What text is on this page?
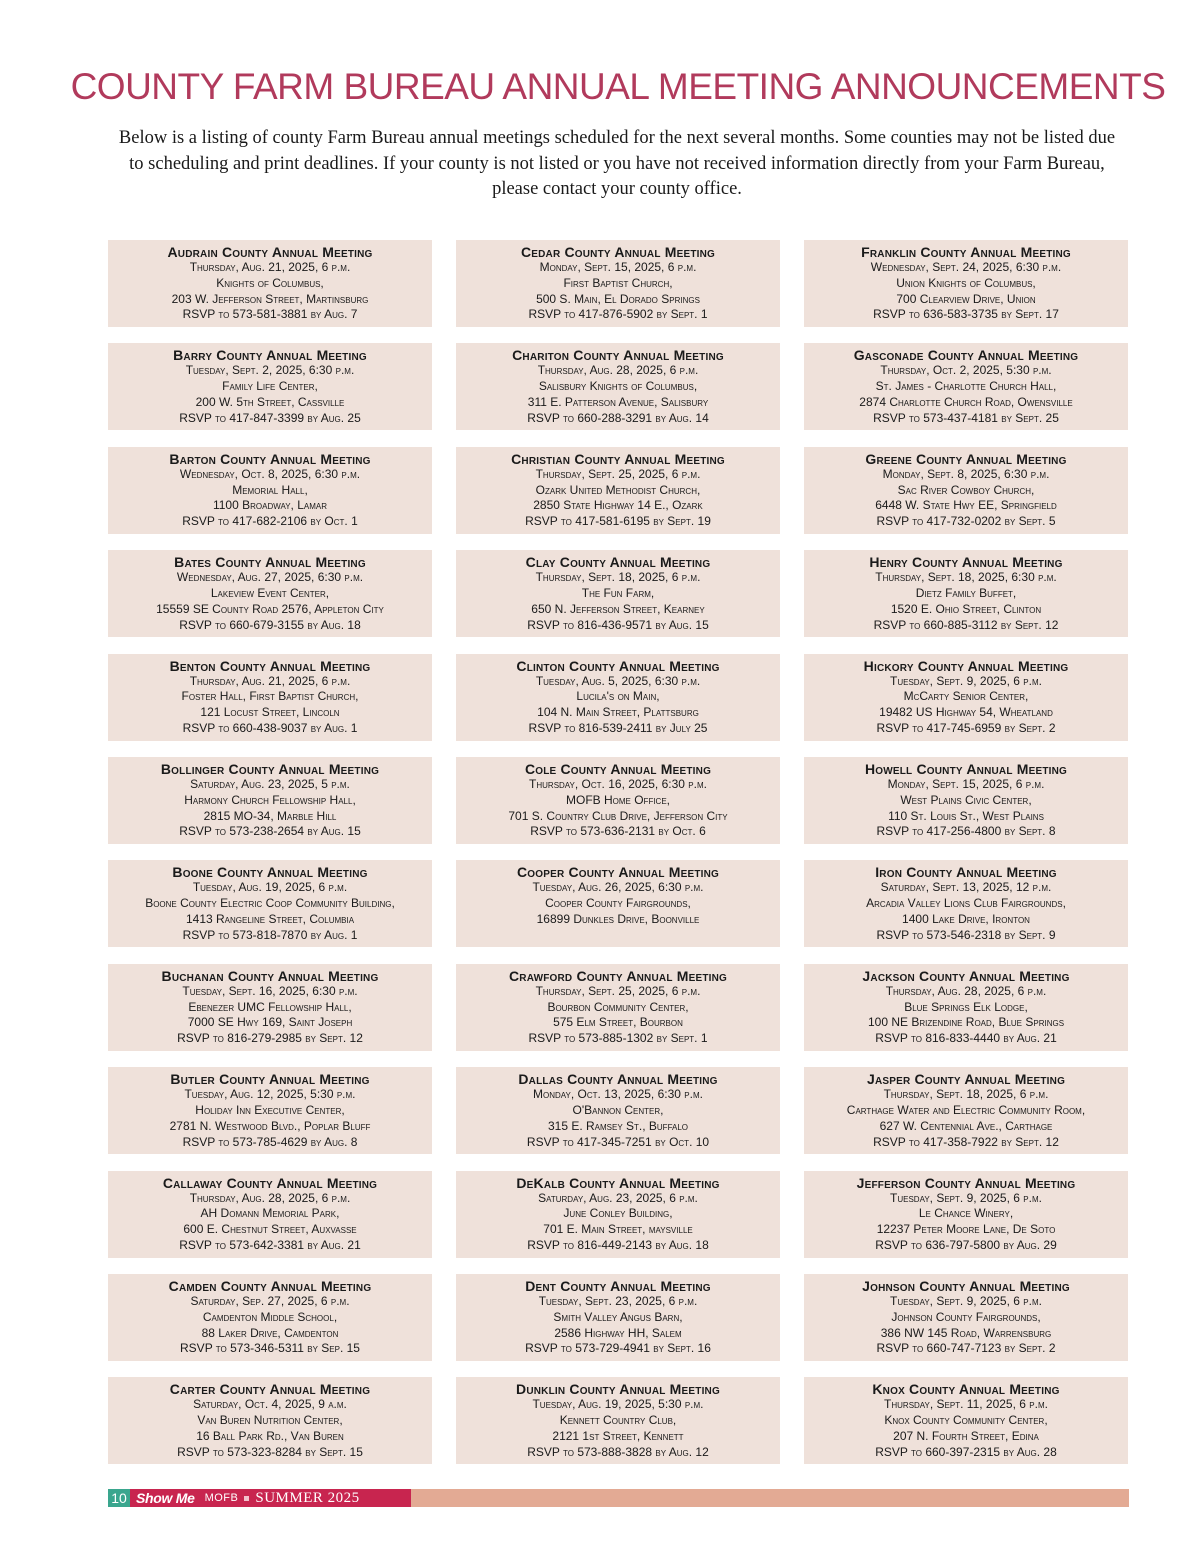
COUNTY FARM BUREAU ANNUAL MEETING ANNOUNCEMENTS

Below is a listing of county Farm Bureau annual meetings scheduled for the next several months. Some counties may not be listed due to scheduling and print deadlines. If your county is not listed or you have not received information directly from your Farm Bureau, please contact your county office.

Audrain County Annual Meeting
Thursday, Aug. 21, 2025, 6 p.m.
Knights of Columbus,
203 W. Jefferson Street, Martinsburg
RSVP to 573-581-3881 by Aug. 7
Cedar County Annual Meeting
Monday, Sept. 15, 2025, 6 p.m.
First Baptist Church,
500 S. Main, El Dorado Springs
RSVP to 417-876-5902 by Sept. 1
Franklin County Annual Meeting
Wednesday, Sept. 24, 2025, 6:30 p.m.
Union Knights of Columbus,
700 Clearview Drive, Union
RSVP to 636-583-3735 by Sept. 17
Barry County Annual Meeting
Tuesday, Sept. 2, 2025, 6:30 p.m.
Family Life Center,
200 W. 5th Street, Cassville
RSVP to 417-847-3399 by Aug. 25
Chariton County Annual Meeting
Thursday, Aug. 28, 2025, 6 p.m.
Salisbury Knights of Columbus,
311 E. Patterson Avenue, Salisbury
RSVP to 660-288-3291 by Aug. 14
Gasconade County Annual Meeting
Thursday, Oct. 2, 2025, 5:30 p.m.
St. James - Charlotte Church Hall,
2874 Charlotte Church Road, Owensville
RSVP to 573-437-4181 by Sept. 25
Barton County Annual Meeting
Wednesday, Oct. 8, 2025, 6:30 p.m.
Memorial Hall,
1100 Broadway, Lamar
RSVP to 417-682-2106 by Oct. 1
Christian County Annual Meeting
Thursday, Sept. 25, 2025, 6 p.m.
Ozark United Methodist Church,
2850 State Highway 14 E., Ozark
RSVP to 417-581-6195 by Sept. 19
Greene County Annual Meeting
Monday, Sept. 8, 2025, 6:30 p.m.
Sac River Cowboy Church,
6448 W. State Hwy EE, Springfield
RSVP to 417-732-0202 by Sept. 5
Bates County Annual Meeting
Wednesday, Aug. 27, 2025, 6:30 p.m.
Lakeview Event Center,
15559 SE County Road 2576, Appleton City
RSVP to 660-679-3155 by Aug. 18
Clay County Annual Meeting
Thursday, Sept. 18, 2025, 6 p.m.
The Fun Farm,
650 N. Jefferson Street, Kearney
RSVP to 816-436-9571 by Aug. 15
Henry County Annual Meeting
Thursday, Sept. 18, 2025, 6:30 p.m.
Dietz Family Buffet,
1520 E. Ohio Street, Clinton
RSVP to 660-885-3112 by Sept. 12
Benton County Annual Meeting
Thursday, Aug. 21, 2025, 6 p.m.
Foster Hall, First Baptist Church,
121 Locust Street, Lincoln
RSVP to 660-438-9037 by Aug. 1
Clinton County Annual Meeting
Tuesday, Aug. 5, 2025, 6:30 p.m.
Lucila's on Main,
104 N. Main Street, Plattsburg
RSVP to 816-539-2411 by July 25
Hickory County Annual Meeting
Tuesday, Sept. 9, 2025, 6 p.m.
McCarty Senior Center,
19482 US Highway 54, Wheatland
RSVP to 417-745-6959 by Sept. 2
Bollinger County Annual Meeting
Saturday, Aug. 23, 2025, 5 p.m.
Harmony Church Fellowship Hall,
2815 MO-34, Marble Hill
RSVP to 573-238-2654 by Aug. 15
Cole County Annual Meeting
Thursday, Oct. 16, 2025, 6:30 p.m.
MOFB Home Office,
701 S. Country Club Drive, Jefferson City
RSVP to 573-636-2131 by Oct. 6
Howell County Annual Meeting
Monday, Sept. 15, 2025, 6 p.m.
West Plains Civic Center,
110 St. Louis St., West Plains
RSVP to 417-256-4800 by Sept. 8
Boone County Annual Meeting
Tuesday, Aug. 19, 2025, 6 p.m.
Boone County Electric Coop Community Building,
1413 Rangeline Street, Columbia
RSVP to 573-818-7870 by Aug. 1
Cooper County Annual Meeting
Tuesday, Aug. 26, 2025, 6:30 p.m.
Cooper County Fairgrounds,
16899 Dunkles Drive, Boonville
Iron County Annual Meeting
Saturday, Sept. 13, 2025, 12 p.m.
Arcadia Valley Lions Club Fairgrounds,
1400 Lake Drive, Ironton
RSVP to 573-546-2318 by Sept. 9
Buchanan County Annual Meeting
Tuesday, Sept. 16, 2025, 6:30 p.m.
Ebenezer UMC Fellowship Hall,
7000 SE Hwy 169, Saint Joseph
RSVP to 816-279-2985 by Sept. 12
Crawford County Annual Meeting
Thursday, Sept. 25, 2025, 6 p.m.
Bourbon Community Center,
575 Elm Street, Bourbon
RSVP to 573-885-1302 by Sept. 1
Jackson County Annual Meeting
Thursday, Aug. 28, 2025, 6 p.m.
Blue Springs Elk Lodge,
100 NE Brizendine Road, Blue Springs
RSVP to 816-833-4440 by Aug. 21
Butler County Annual Meeting
Tuesday, Aug. 12, 2025, 5:30 p.m.
Holiday Inn Executive Center,
2781 N. Westwood Blvd., Poplar Bluff
RSVP to 573-785-4629 by Aug. 8
Dallas County Annual Meeting
Monday, Oct. 13, 2025, 6:30 p.m.
O'Bannon Center,
315 E. Ramsey St., Buffalo
RSVP to 417-345-7251 by Oct. 10
Jasper County Annual Meeting
Thursday, Sept. 18, 2025, 6 p.m.
Carthage Water and Electric Community Room,
627 W. Centennial Ave., Carthage
RSVP to 417-358-7922 by Sept. 12
Callaway County Annual Meeting
Thursday, Aug. 28, 2025, 6 p.m.
AH Domann Memorial Park,
600 E. Chestnut Street, Auxvasse
RSVP to 573-642-3381 by Aug. 21
DeKalb County Annual Meeting
Saturday, Aug. 23, 2025, 6 p.m.
June Conley Building,
701 E. Main Street, maysville
RSVP to 816-449-2143 by Aug. 18
Jefferson County Annual Meeting
Tuesday, Sept. 9, 2025, 6 p.m.
Le Chance Winery,
12237 Peter Moore Lane, De Soto
RSVP to 636-797-5800 by Aug. 29
Camden County Annual Meeting
Saturday, Sep. 27, 2025, 6 p.m.
Camdenton Middle School,
88 Laker Drive, Camdenton
RSVP to 573-346-5311 by Sep. 15
Dent County Annual Meeting
Tuesday, Sept. 23, 2025, 6 p.m.
Smith Valley Angus Barn,
2586 Highway HH, Salem
RSVP to 573-729-4941 by Sept. 16
Johnson County Annual Meeting
Tuesday, Sept. 9, 2025, 6 p.m.
Johnson County Fairgrounds,
386 NW 145 Road, Warrensburg
RSVP to 660-747-7123 by Sept. 2
Carter County Annual Meeting
Saturday, Oct. 4, 2025, 9 a.m.
Van Buren Nutrition Center,
16 Ball Park Rd., Van Buren
RSVP to 573-323-8284 by Sept. 15
Dunklin County Annual Meeting
Tuesday, Aug. 19, 2025, 5:30 p.m.
Kennett Country Club,
2121 1st Street, Kennett
RSVP to 573-888-3828 by Aug. 12
Knox County Annual Meeting
Thursday, Sept. 11, 2025, 6 p.m.
Knox County Community Center,
207 N. Fourth Street, Edina
RSVP to 660-397-2315 by Aug. 28
10 Show Me MOFB SUMMER 2025
